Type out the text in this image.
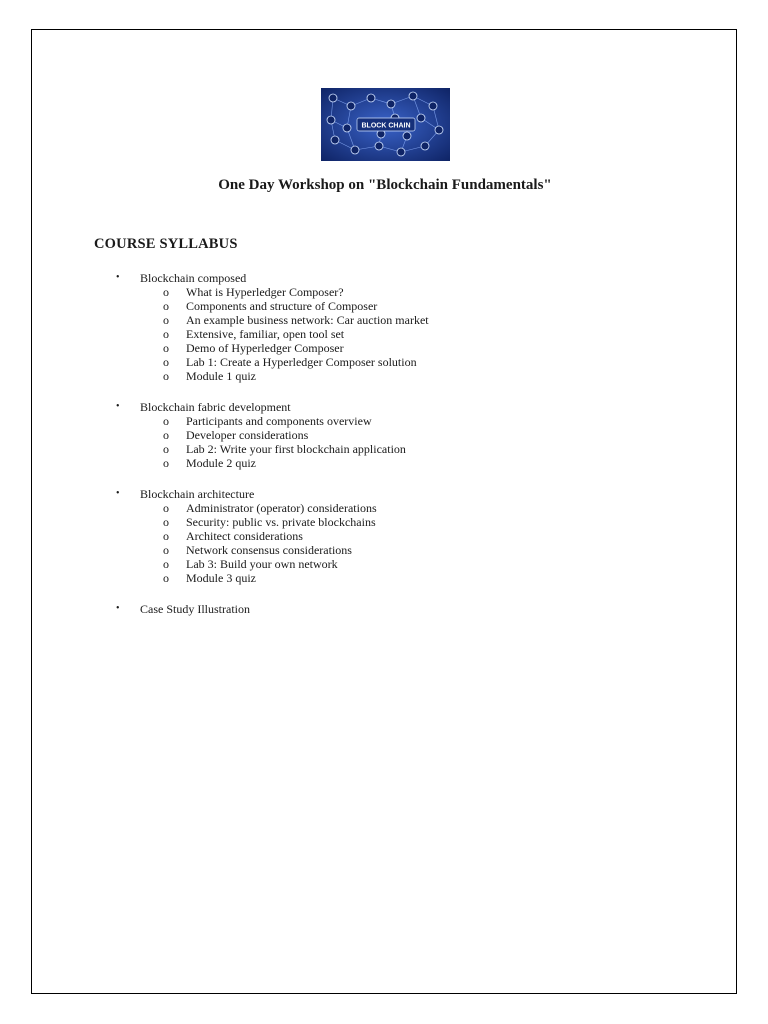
BLOCK CHAIN
One Day Workshop on "Blockchain Fundamentals"
COURSE SYLLABUS
• Blockchain composed
o What is Hyperledger Composer?
o Components and structure of Composer
o An example business network: Car auction market
o Extensive, familiar, open tool set
o Demo of Hyperledger Composer
o Lab 1: Create a Hyperledger Composer solution
o Module 1 quiz
• Blockchain fabric development
o Participants and components overview
o Developer considerations
o Lab 2: Write your first blockchain application
o Module 2 quiz
• Blockchain architecture
o Administrator (operator) considerations
o Security: public vs. private blockchains
o Architect considerations
o Network consensus considerations
o Lab 3: Build your own network
o Module 3 quiz
• Case Study Illustration
